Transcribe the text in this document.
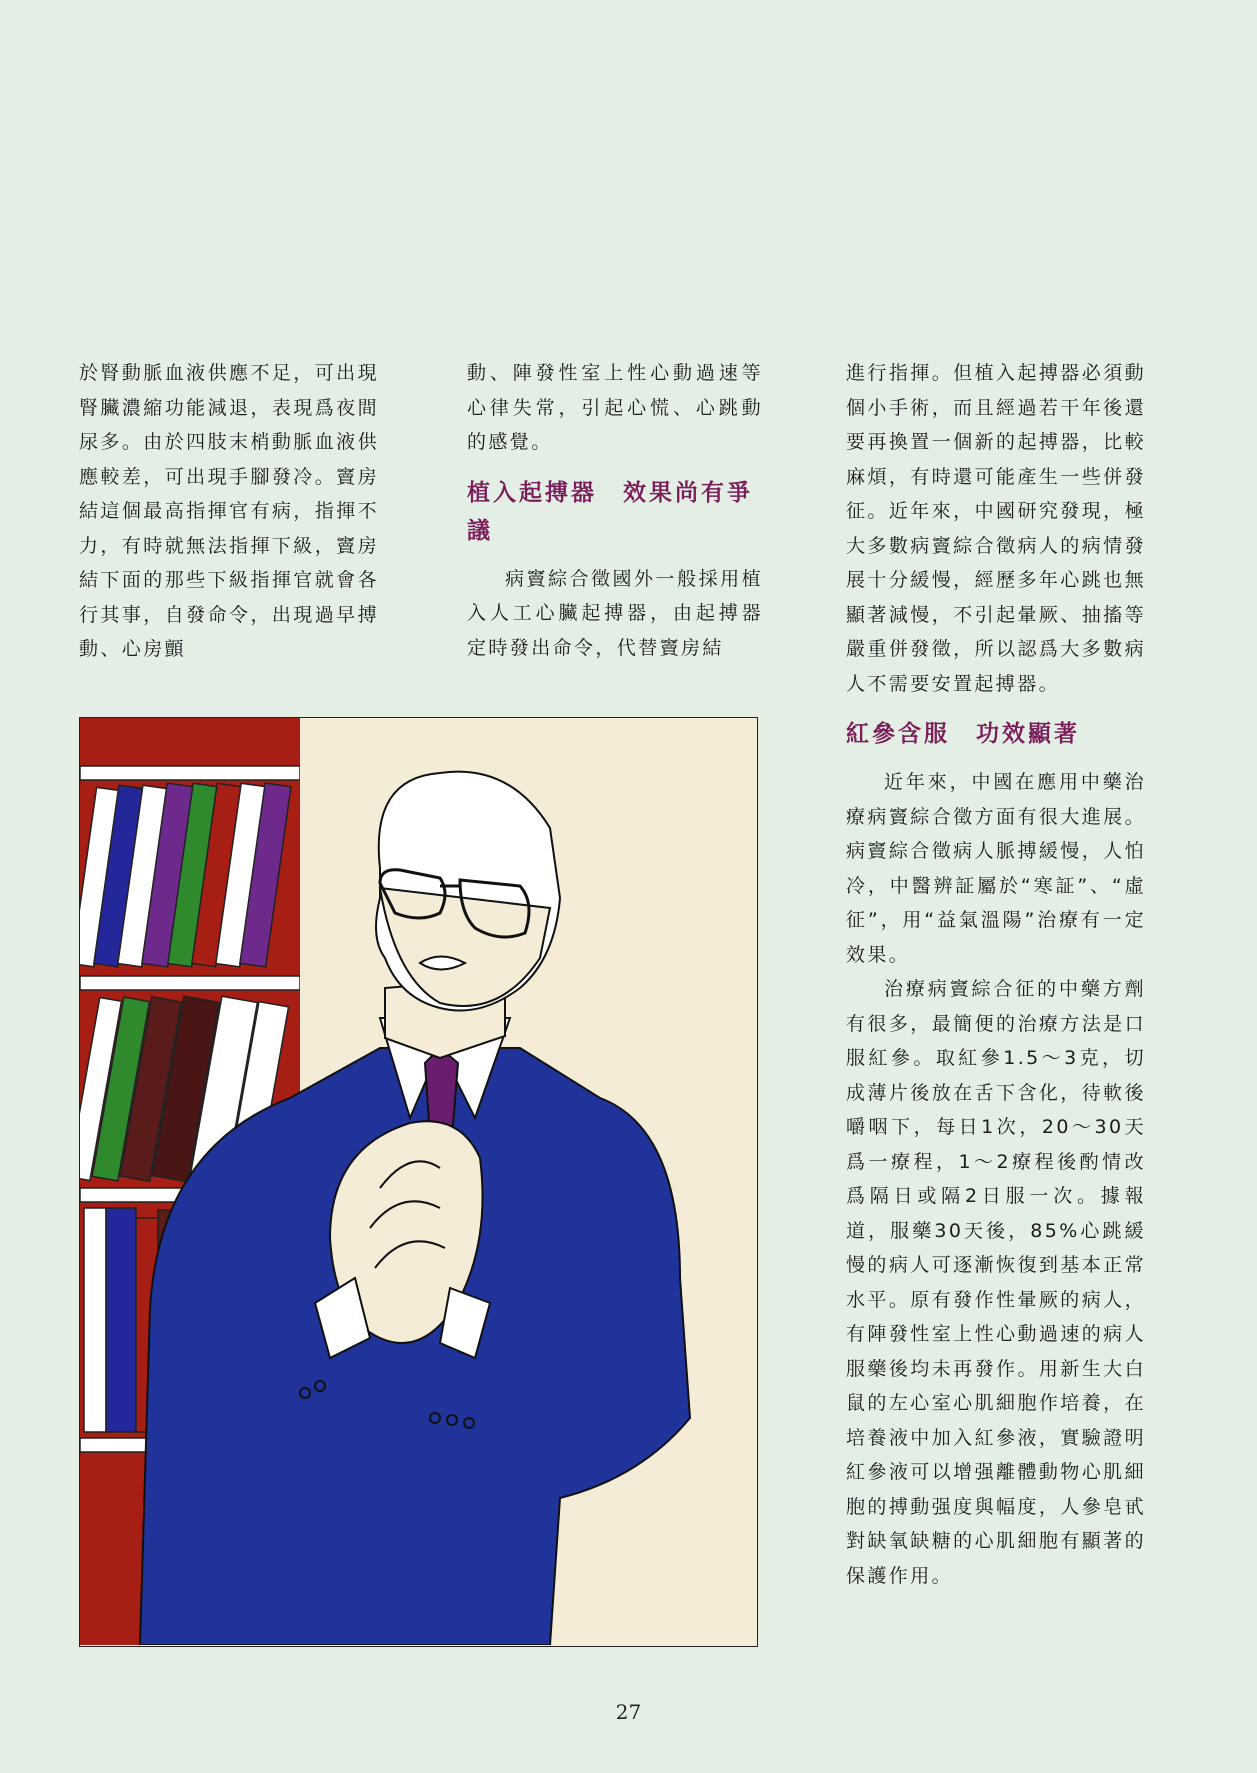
於腎動脈血液供應不足，可出現腎臟濃縮功能減退，表現爲夜間尿多。由於四肢末梢動脈血液供應較差，可出現手腳發冷。竇房結這個最高指揮官有病，指揮不力，有時就無法指揮下級，竇房結下面的那些下級指揮官就會各行其事，自發命令，出現過早搏動、心房顫

動、陣發性室上性心動過速等心律失常，引起心慌、心跳動的感覺。

植入起搏器　效果尚有爭議

病竇綜合徵國外一般採用植入人工心臟起搏器，由起搏器定時發出命令，代替竇房結

進行指揮。但植入起搏器必須動個小手術，而且經過若干年後還要再換置一個新的起搏器，比較麻煩，有時還可能產生一些併發征。近年來，中國研究發現，極大多數病竇綜合徵病人的病情發展十分緩慢，經歷多年心跳也無顯著減慢，不引起暈厥、抽搐等嚴重併發徵，所以認爲大多數病人不需要安置起搏器。

紅參含服　功效顯著

近年來，中國在應用中藥治療病竇綜合徵方面有很大進展。病竇綜合徵病人脈搏緩慢，人怕冷，中醫辨証屬於“寒証”、“虛征”，用“益氣溫陽”治療有一定效果。

治療病竇綜合征的中藥方劑有很多，最簡便的治療方法是口服紅參。取紅參1.5～3克，切成薄片後放在舌下含化，待軟後嚼咽下，每日1次，20～30天爲一療程，1～2療程後酌情改爲隔日或隔2日服一次。據報道，服藥30天後，85%心跳緩慢的病人可逐漸恢復到基本正常水平。原有發作性暈厥的病人，有陣發性室上性心動過速的病人服藥後均未再發作。用新生大白鼠的左心室心肌細胞作培養，在培養液中加入紅參液，實驗證明紅參液可以增强離體動物心肌細胞的搏動强度與幅度，人參皂甙對缺氧缺糖的心肌細胞有顯著的保護作用。

27
